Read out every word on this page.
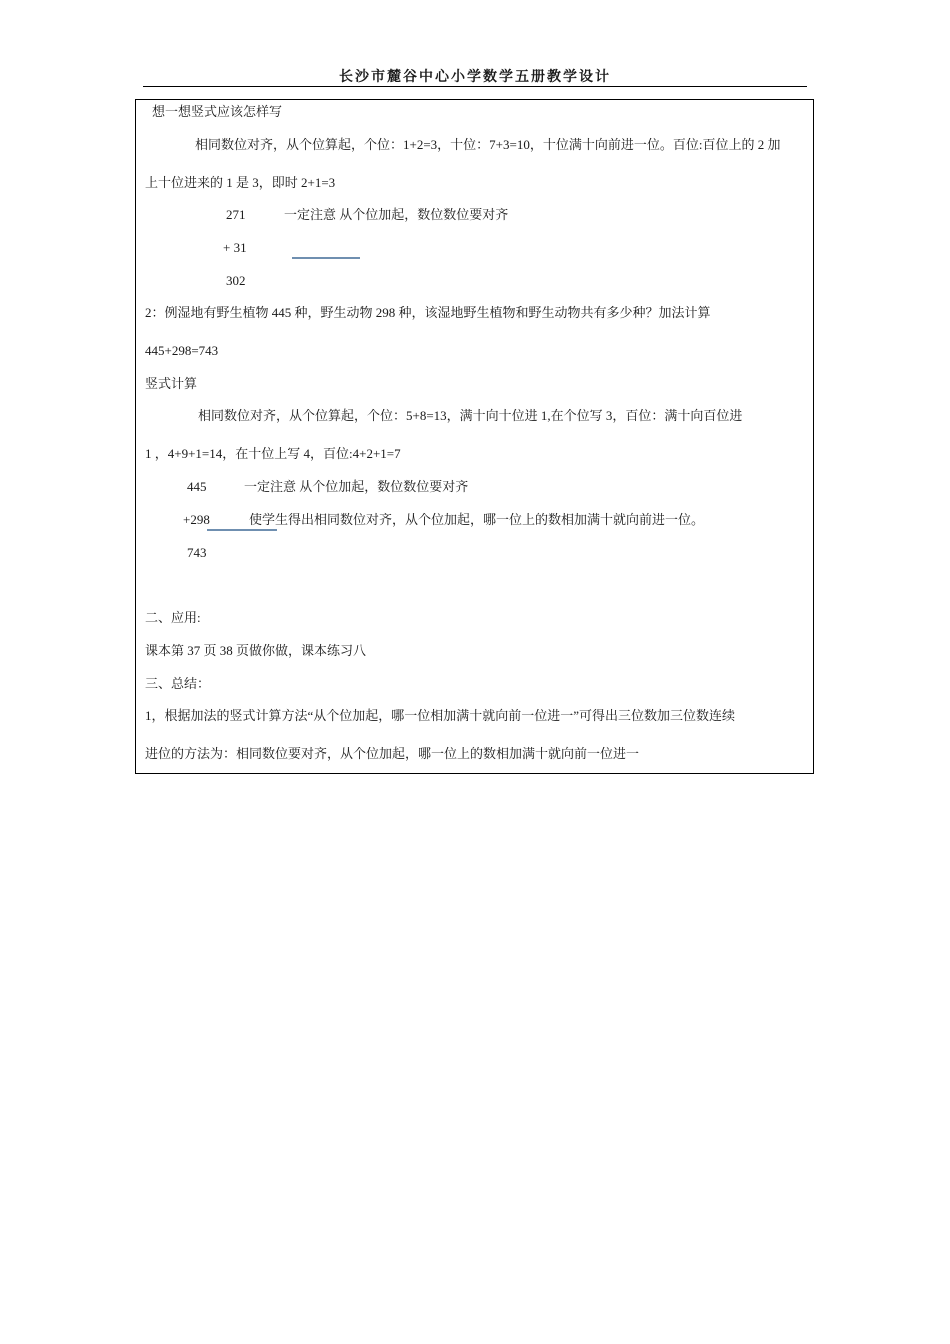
长沙市麓谷中心小学数学五册教学设计
想一想竖式应该怎样写
相同数位对齐，从个位算起，个位：1+2=3，十位：7+3=10，十位满十向前进一位。百位:百位上的 2 加
上十位进来的 1 是 3，即时 2+1=3
271	一定注意 从个位加起，数位数位要对齐
+ 31
302
2：例湿地有野生植物 445 种，野生动物 298 种，该湿地野生植物和野生动物共有多少种？加法计算
445+298=743
竖式计算
相同数位对齐，从个位算起，个位：5+8=13，满十向十位进 1,在个位写 3，百位：满十向百位进
1 ，4+9+1=14，在十位上写 4，百位:4+2+1=7
445	一定注意 从个位加起，数位数位要对齐
+298	使学生得出相同数位对齐，从个位加起，哪一位上的数相加满十就向前进一位。
743
二、应用:
课本第 37 页 38 页做你做，课本练习八
三、总结：
1，根据加法的竖式计算方法“从个位加起，哪一位相加满十就向前一位进一”可得出三位数加三位数连续
进位的方法为：相同数位要对齐，从个位加起，哪一位上的数相加满十就向前一位进一
